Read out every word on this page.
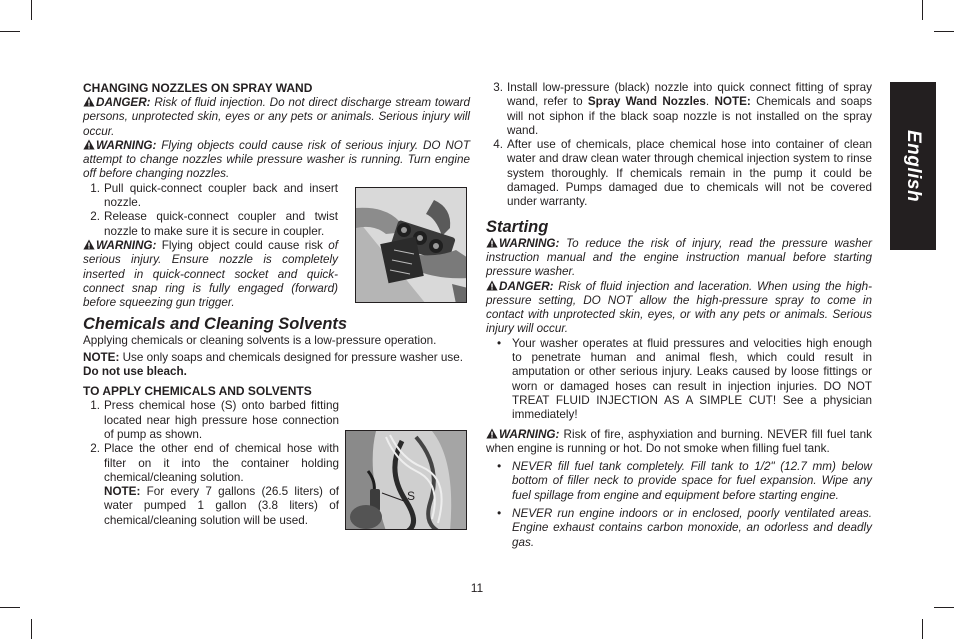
English

CHANGING NOZZLES ON SPRAY WAND

DANGER: Risk of fluid injection. Do not direct discharge stream toward persons, unprotected skin, eyes or any pets or animals. Serious injury will occur.

WARNING: Flying objects could cause risk of serious injury. DO NOT attempt to change nozzles while pressure washer is running. Turn engine off before changing nozzles.

1. Pull quick-connect coupler back and insert nozzle.
2. Release quick-connect coupler and twist nozzle to make sure it is secure in coupler.

WARNING: Flying object could cause risk of serious injury. Ensure nozzle is completely inserted in quick-connect socket and quick-connect snap ring is fully engaged (forward) before squeezing gun trigger.

Chemicals and Cleaning Solvents

Applying chemicals or cleaning solvents is a low-pressure operation.

NOTE: Use only soaps and chemicals designed for pressure washer use. Do not use bleach.

TO APPLY CHEMICALS AND SOLVENTS

1. Press chemical hose (S) onto barbed fitting located near high pressure hose connection of pump as shown.
2. Place the other end of chemical hose with filter on it into the container holding chemical/cleaning solution.

NOTE: For every 7 gallons (26.5 liters) of water pumped 1 gallon (3.8 liters) of chemical/cleaning solution will be used.

S
3. Install low-pressure (black) nozzle into quick connect fitting of spray wand, refer to Spray Wand Nozzles. NOTE: Chemicals and soaps will not siphon if the black soap nozzle is not installed on the spray wand.
4. After use of chemicals, place chemical hose into container of clean water and draw clean water through chemical injection system to rinse system thoroughly. If chemicals remain in the pump it could be damaged. Pumps damaged due to chemicals will not be covered under warranty.

Starting

WARNING: To reduce the risk of injury, read the pressure washer instruction manual and the engine instruction manual before starting pressure washer.

DANGER: Risk of fluid injection and laceration. When using the high-pressure setting, DO NOT allow the high-pressure spray to come in contact with unprotected skin, eyes, or with any pets or animals. Serious injury will occur.

• Your washer operates at fluid pressures and velocities high enough to penetrate human and animal flesh, which could result in amputation or other serious injury. Leaks caused by loose fittings or worn or damaged hoses can result in injection injuries. DO NOT TREAT FLUID INJECTION AS A SIMPLE CUT! See a physician immediately!

WARNING: Risk of fire, asphyxiation and burning. NEVER fill fuel tank when engine is running or hot. Do not smoke when filling fuel tank.

• NEVER fill fuel tank completely. Fill tank to 1/2" (12.7 mm) below bottom of filler neck to provide space for fuel expansion. Wipe any fuel spillage from engine and equipment before starting engine.
• NEVER run engine indoors or in enclosed, poorly ventilated areas. Engine exhaust contains carbon monoxide, an odorless and deadly gas.
11
